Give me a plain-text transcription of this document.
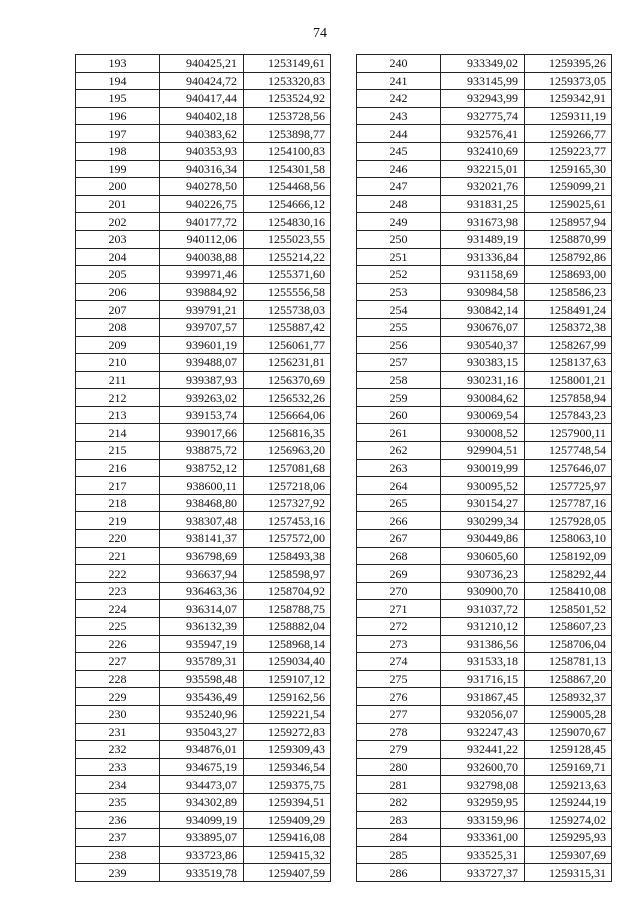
74
193	940425,21	1253149,61
194	940424,72	1253320,83
195	940417,44	1253524,92
196	940402,18	1253728,56
197	940383,62	1253898,77
198	940353,93	1254100,83
199	940316,34	1254301,58
200	940278,50	1254468,56
201	940226,75	1254666,12
202	940177,72	1254830,16
203	940112,06	1255023,55
204	940038,88	1255214,22
205	939971,46	1255371,60
206	939884,92	1255556,58
207	939791,21	1255738,03
208	939707,57	1255887,42
209	939601,19	1256061,77
210	939488,07	1256231,81
211	939387,93	1256370,69
212	939263,02	1256532,26
213	939153,74	1256664,06
214	939017,66	1256816,35
215	938875,72	1256963,20
216	938752,12	1257081,68
217	938600,11	1257218,06
218	938468,80	1257327,92
219	938307,48	1257453,16
220	938141,37	1257572,00
221	936798,69	1258493,38
222	936637,94	1258598,97
223	936463,36	1258704,92
224	936314,07	1258788,75
225	936132,39	1258882,04
226	935947,19	1258968,14
227	935789,31	1259034,40
228	935598,48	1259107,12
229	935436,49	1259162,56
230	935240,96	1259221,54
231	935043,27	1259272,83
232	934876,01	1259309,43
233	934675,19	1259346,54
234	934473,07	1259375,75
235	934302,89	1259394,51
236	934099,19	1259409,29
237	933895,07	1259416,08
238	933723,86	1259415,32
239	933519,78	1259407,59
240	933349,02	1259395,26
241	933145,99	1259373,05
242	932943,99	1259342,91
243	932775,74	1259311,19
244	932576,41	1259266,77
245	932410,69	1259223,77
246	932215,01	1259165,30
247	932021,76	1259099,21
248	931831,25	1259025,61
249	931673,98	1258957,94
250	931489,19	1258870,99
251	931336,84	1258792,86
252	931158,69	1258693,00
253	930984,58	1258586,23
254	930842,14	1258491,24
255	930676,07	1258372,38
256	930540,37	1258267,99
257	930383,15	1258137,63
258	930231,16	1258001,21
259	930084,62	1257858,94
260	930069,54	1257843,23
261	930008,52	1257900,11
262	929904,51	1257748,54
263	930019,99	1257646,07
264	930095,52	1257725,97
265	930154,27	1257787,16
266	930299,34	1257928,05
267	930449,86	1258063,10
268	930605,60	1258192,09
269	930736,23	1258292,44
270	930900,70	1258410,08
271	931037,72	1258501,52
272	931210,12	1258607,23
273	931386,56	1258706,04
274	931533,18	1258781,13
275	931716,15	1258867,20
276	931867,45	1258932,37
277	932056,07	1259005,28
278	932247,43	1259070,67
279	932441,22	1259128,45
280	932600,70	1259169,71
281	932798,08	1259213,63
282	932959,95	1259244,19
283	933159,96	1259274,02
284	933361,00	1259295,93
285	933525,31	1259307,69
286	933727,37	1259315,31
